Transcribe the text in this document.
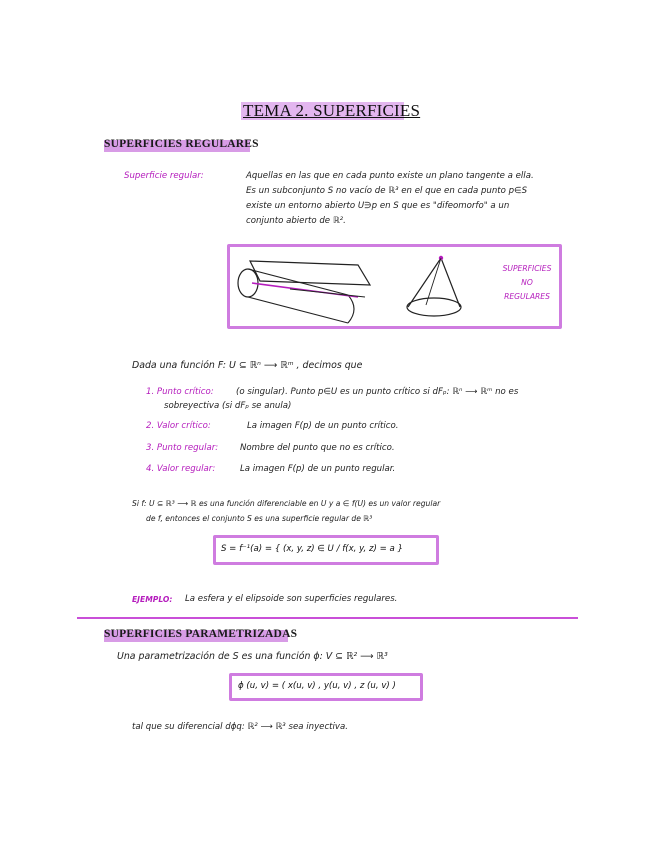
TEMA 2. SUPERFICIES
SUPERFICIES REGULARES
Superficie regular:	Aquellas en las que en cada punto existe un plano tangente a ella.
Es un subconjunto S no vacío de ℝ³ en el que en cada punto p∈S
existe un entorno abierto U∋p en S que es "difeomorfo" a un
conjunto abierto de ℝ².
SUPERFICIES
NO
REGULARES
Dada una función F: U ⊆ ℝⁿ ⟶ ℝᵐ , decimos que
1. Punto crítico:	(o singular). Punto p∈U es un punto crítico si dFₚ: ℝⁿ ⟶ ℝᵐ no es
sobreyectiva (si dFₚ se anula)
2. Valor crítico:	La imagen F(p) de un punto crítico.
3. Punto regular:	Nombre del punto que no es crítico.
4. Valor regular:	La imagen F(p) de un punto regular.
Si f: U ⊆ ℝ³ ⟶ ℝ es una función diferenciable en U y a ∈ f(U) es un valor regular
de f, entonces el conjunto S es una superficie regular de ℝ³
S = f⁻¹(a) = { (x, y, z) ∈ U / f(x, y, z) = a }
EJEMPLO: La esfera y el elipsoide son superficies regulares.
SUPERFICIES PARAMETRIZADAS
Una parametrización de S es una función ϕ: V ⊆ ℝ² ⟶ ℝ³
ϕ (u, v) = ( x(u, v) , y(u, v) , z (u, v) )
tal que su diferencial dϕq: ℝ² ⟶ ℝ³ sea inyectiva.
